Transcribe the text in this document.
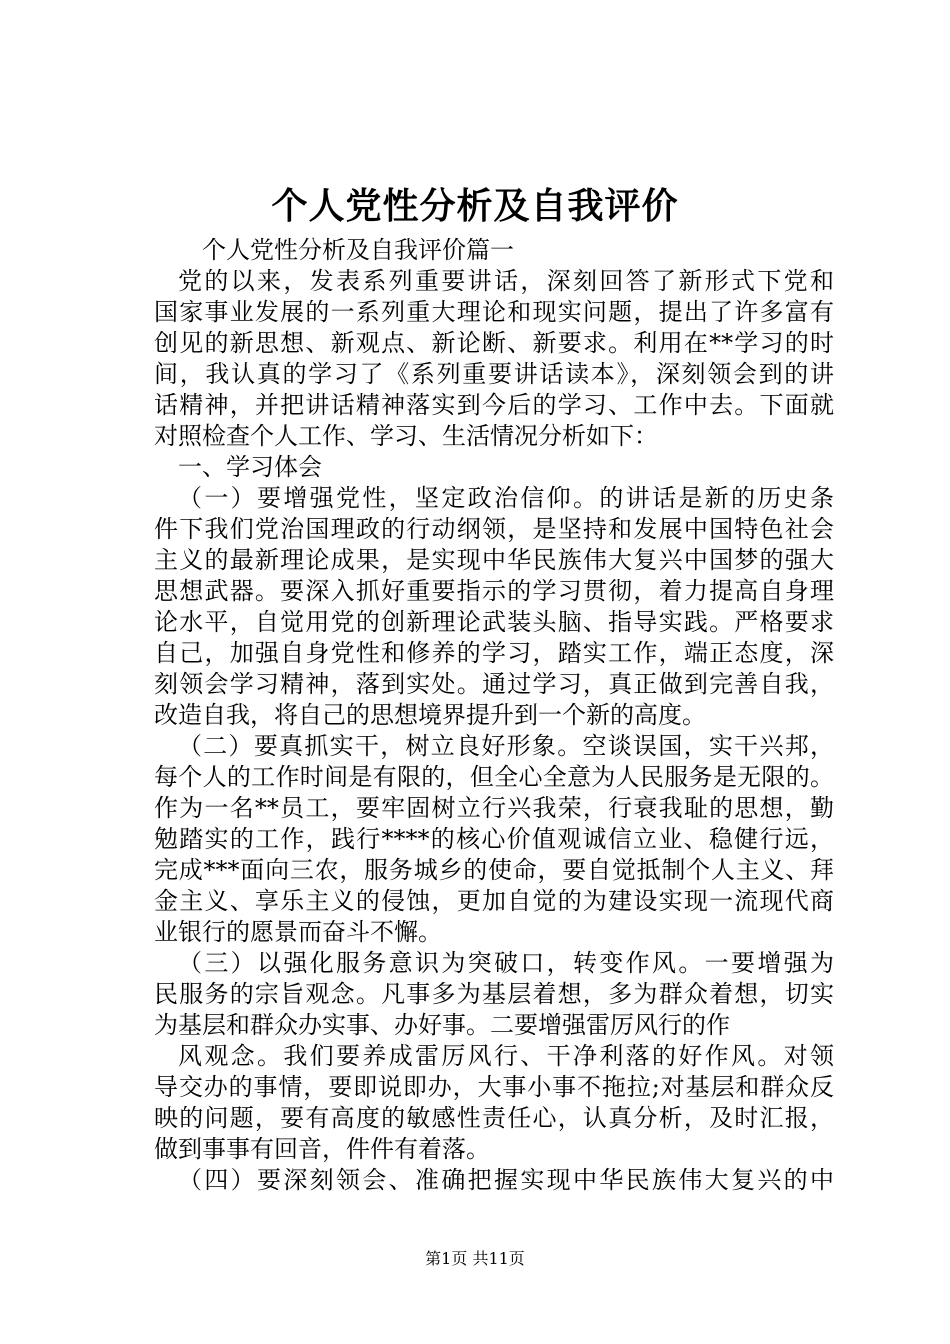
个人党性分析及自我评价
个人党性分析及自我评价篇一
党的以来，发表系列重要讲话，深刻回答了新形式下党和
国家事业发展的一系列重大理论和现实问题，提出了许多富有
创见的新思想、新观点、新论断、新要求。利用在**学习的时
间，我认真的学习了《系列重要讲话读本》，深刻领会到的讲
话精神，并把讲话精神落实到今后的学习、工作中去。下面就
对照检查个人工作、学习、生活情况分析如下：
一、学习体会
（一）要增强党性，坚定政治信仰。的讲话是新的历史条
件下我们党治国理政的行动纲领，是坚持和发展中国特色社会
主义的最新理论成果，是实现中华民族伟大复兴中国梦的强大
思想武器。要深入抓好重要指示的学习贯彻，着力提高自身理
论水平，自觉用党的创新理论武装头脑、指导实践。严格要求
自己，加强自身党性和修养的学习，踏实工作，端正态度，深
刻领会学习精神，落到实处。通过学习，真正做到完善自我，
改造自我，将自己的思想境界提升到一个新的高度。
（二）要真抓实干，树立良好形象。空谈误国，实干兴邦，
每个人的工作时间是有限的，但全心全意为人民服务是无限的。
作为一名**员工，要牢固树立行兴我荣，行衰我耻的思想，勤
勉踏实的工作，践行****的核心价值观诚信立业、稳健行远，
完成***面向三农，服务城乡的使命，要自觉抵制个人主义、拜
金主义、享乐主义的侵蚀，更加自觉的为建设实现一流现代商
业银行的愿景而奋斗不懈。
（三）以强化服务意识为突破口，转变作风。一要增强为
民服务的宗旨观念。凡事多为基层着想，多为群众着想，切实
为基层和群众办实事、办好事。二要增强雷厉风行的作
风观念。我们要养成雷厉风行、干净利落的好作风。对领
导交办的事情，要即说即办，大事小事不拖拉;对基层和群众反
映的问题，要有高度的敏感性责任心，认真分析，及时汇报，
做到事事有回音，件件有着落。
（四）要深刻领会、准确把握实现中华民族伟大复兴的中
第1页 共11页
